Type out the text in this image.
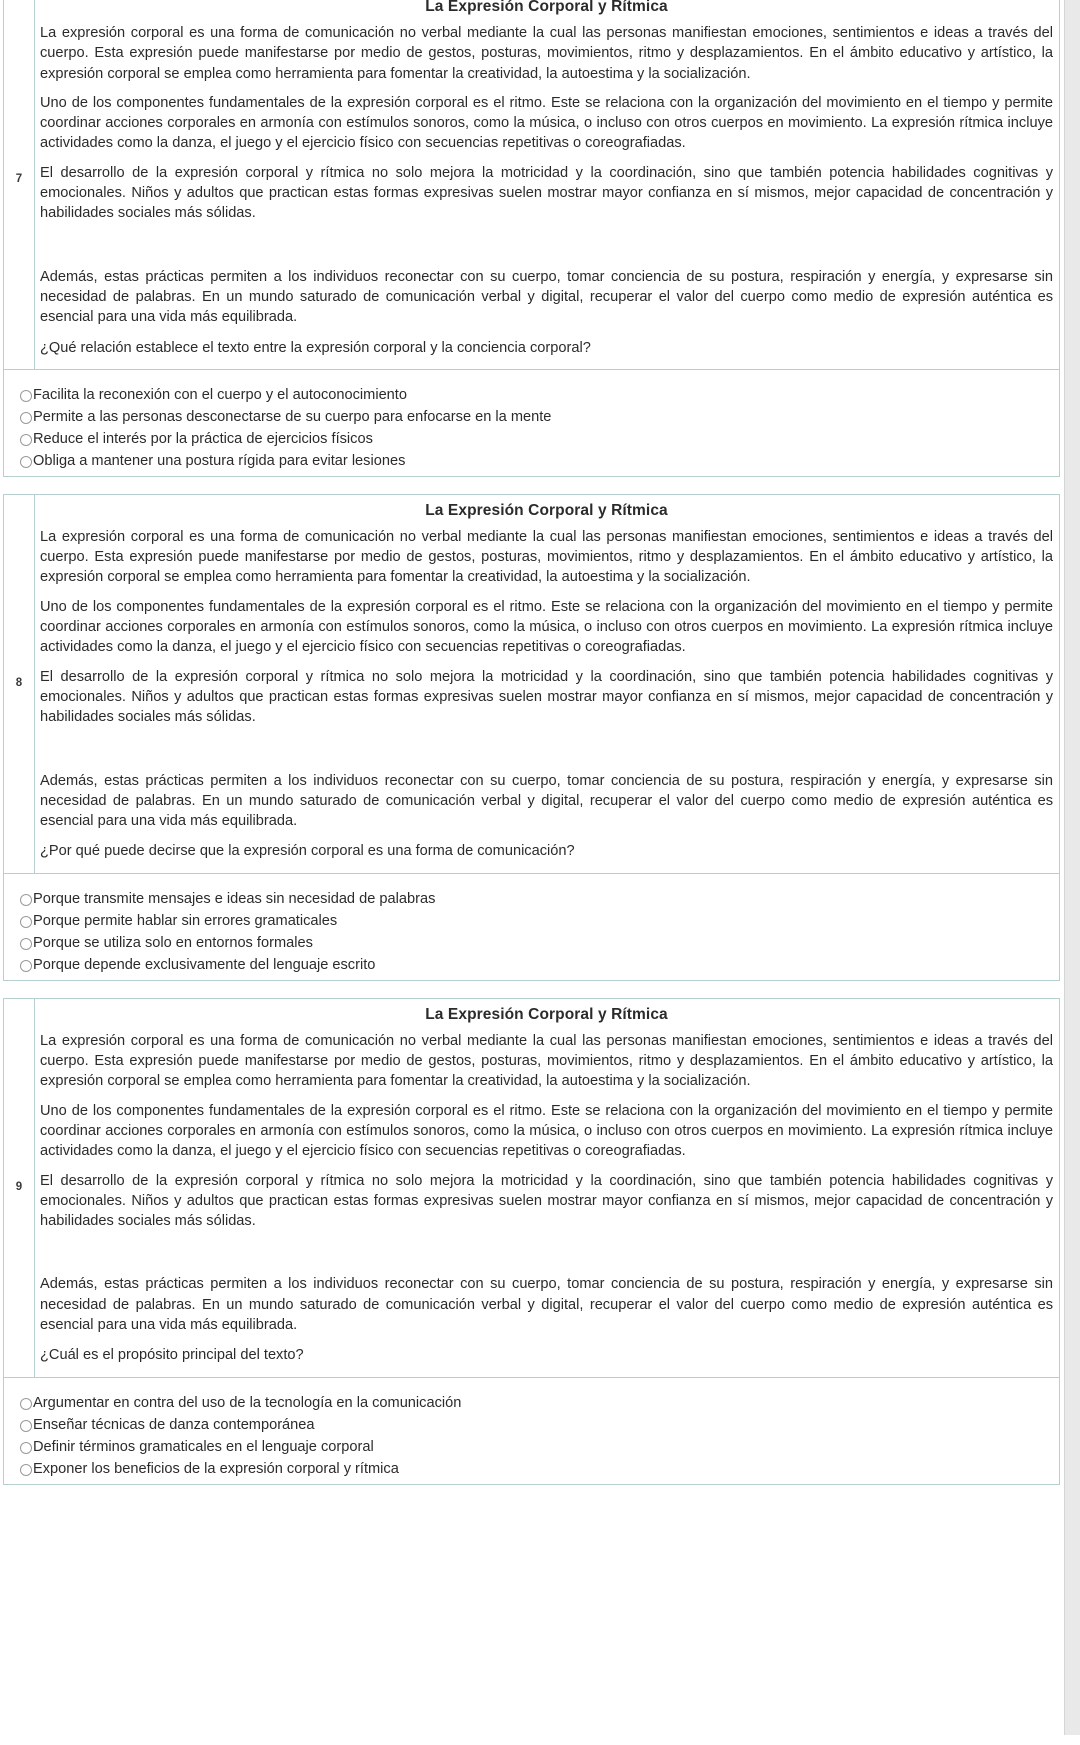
7
La Expresión Corporal y Rítmica

La expresión corporal es una forma de comunicación no verbal mediante la cual las personas manifiestan emociones, sentimientos e ideas a través del cuerpo. Esta expresión puede manifestarse por medio de gestos, posturas, movimientos, ritmo y desplazamientos. En el ámbito educativo y artístico, la expresión corporal se emplea como herramienta para fomentar la creatividad, la autoestima y la socialización.

Uno de los componentes fundamentales de la expresión corporal es el ritmo. Este se relaciona con la organización del movimiento en el tiempo y permite coordinar acciones corporales en armonía con estímulos sonoros, como la música, o incluso con otros cuerpos en movimiento. La expresión rítmica incluye actividades como la danza, el juego y el ejercicio físico con secuencias repetitivas o coreografiadas.

El desarrollo de la expresión corporal y rítmica no solo mejora la motricidad y la coordinación, sino que también potencia habilidades cognitivas y emocionales. Niños y adultos que practican estas formas expresivas suelen mostrar mayor confianza en sí mismos, mejor capacidad de concentración y habilidades sociales más sólidas.

Además, estas prácticas permiten a los individuos reconectar con su cuerpo, tomar conciencia de su postura, respiración y energía, y expresarse sin necesidad de palabras. En un mundo saturado de comunicación verbal y digital, recuperar el valor del cuerpo como medio de expresión auténtica es esencial para una vida más equilibrada.

¿Qué relación establece el texto entre la expresión corporal y la conciencia corporal?
Facilita la reconexión con el cuerpo y el autoconocimiento
Permite a las personas desconectarse de su cuerpo para enfocarse en la mente
Reduce el interés por la práctica de ejercicios físicos
Obliga a mantener una postura rígida para evitar lesiones
8
La Expresión Corporal y Rítmica

La expresión corporal es una forma de comunicación no verbal mediante la cual las personas manifiestan emociones, sentimientos e ideas a través del cuerpo. Esta expresión puede manifestarse por medio de gestos, posturas, movimientos, ritmo y desplazamientos. En el ámbito educativo y artístico, la expresión corporal se emplea como herramienta para fomentar la creatividad, la autoestima y la socialización.

Uno de los componentes fundamentales de la expresión corporal es el ritmo. Este se relaciona con la organización del movimiento en el tiempo y permite coordinar acciones corporales en armonía con estímulos sonoros, como la música, o incluso con otros cuerpos en movimiento. La expresión rítmica incluye actividades como la danza, el juego y el ejercicio físico con secuencias repetitivas o coreografiadas.

El desarrollo de la expresión corporal y rítmica no solo mejora la motricidad y la coordinación, sino que también potencia habilidades cognitivas y emocionales. Niños y adultos que practican estas formas expresivas suelen mostrar mayor confianza en sí mismos, mejor capacidad de concentración y habilidades sociales más sólidas.

Además, estas prácticas permiten a los individuos reconectar con su cuerpo, tomar conciencia de su postura, respiración y energía, y expresarse sin necesidad de palabras. En un mundo saturado de comunicación verbal y digital, recuperar el valor del cuerpo como medio de expresión auténtica es esencial para una vida más equilibrada.

¿Por qué puede decirse que la expresión corporal es una forma de comunicación?
Porque transmite mensajes e ideas sin necesidad de palabras
Porque permite hablar sin errores gramaticales
Porque se utiliza solo en entornos formales
Porque depende exclusivamente del lenguaje escrito
9
La Expresión Corporal y Rítmica

La expresión corporal es una forma de comunicación no verbal mediante la cual las personas manifiestan emociones, sentimientos e ideas a través del cuerpo. Esta expresión puede manifestarse por medio de gestos, posturas, movimientos, ritmo y desplazamientos. En el ámbito educativo y artístico, la expresión corporal se emplea como herramienta para fomentar la creatividad, la autoestima y la socialización.

Uno de los componentes fundamentales de la expresión corporal es el ritmo. Este se relaciona con la organización del movimiento en el tiempo y permite coordinar acciones corporales en armonía con estímulos sonoros, como la música, o incluso con otros cuerpos en movimiento. La expresión rítmica incluye actividades como la danza, el juego y el ejercicio físico con secuencias repetitivas o coreografiadas.

El desarrollo de la expresión corporal y rítmica no solo mejora la motricidad y la coordinación, sino que también potencia habilidades cognitivas y emocionales. Niños y adultos que practican estas formas expresivas suelen mostrar mayor confianza en sí mismos, mejor capacidad de concentración y habilidades sociales más sólidas.

Además, estas prácticas permiten a los individuos reconectar con su cuerpo, tomar conciencia de su postura, respiración y energía, y expresarse sin necesidad de palabras. En un mundo saturado de comunicación verbal y digital, recuperar el valor del cuerpo como medio de expresión auténtica es esencial para una vida más equilibrada.

¿Cuál es el propósito principal del texto?
Argumentar en contra del uso de la tecnología en la comunicación
Enseñar técnicas de danza contemporánea
Definir términos gramaticales en el lenguaje corporal
Exponer los beneficios de la expresión corporal y rítmica
